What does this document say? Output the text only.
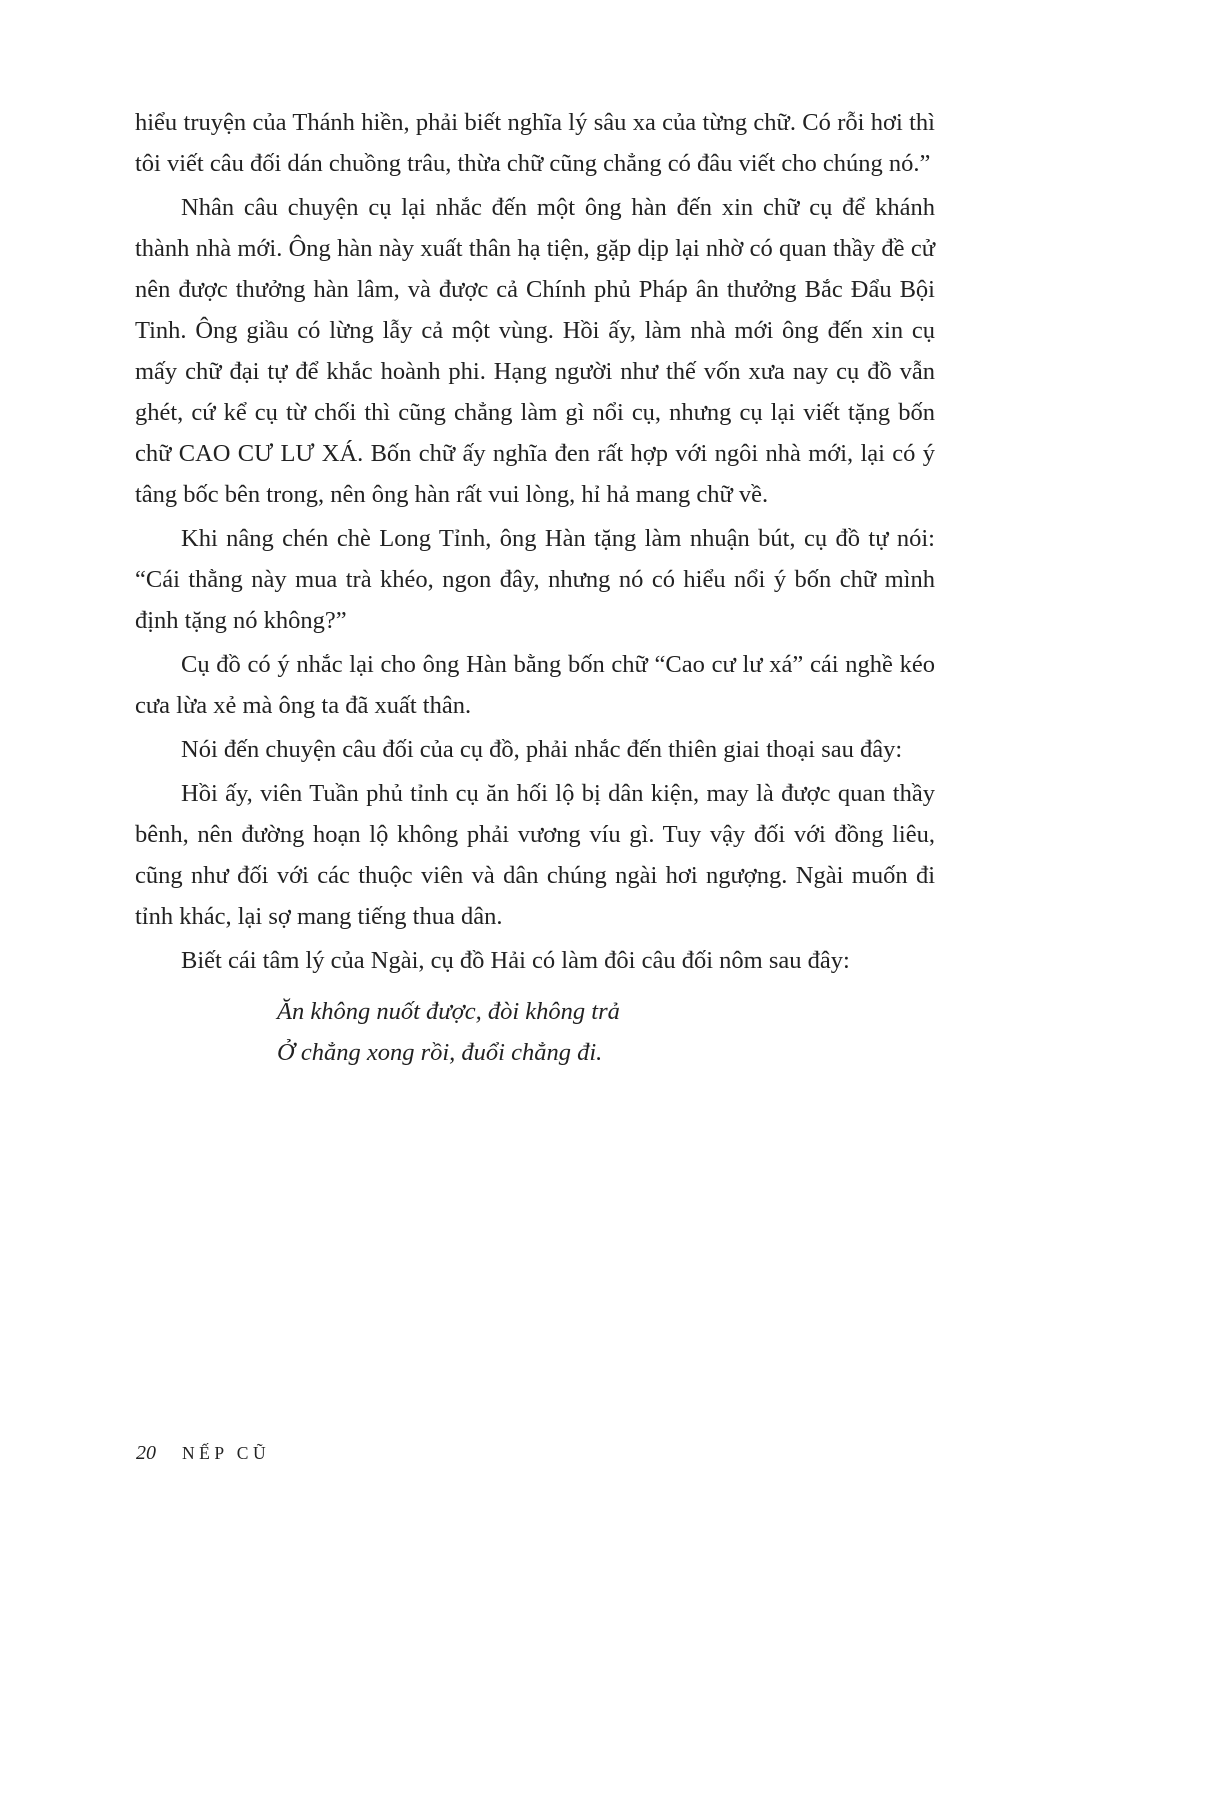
hiểu truyện của Thánh hiền, phải biết nghĩa lý sâu xa của từng chữ. Có rỗi hơi thì tôi viết câu đối dán chuồng trâu, thừa chữ cũng chẳng có đâu viết cho chúng nó.”

Nhân câu chuyện cụ lại nhắc đến một ông hàn đến xin chữ cụ để khánh thành nhà mới. Ông hàn này xuất thân hạ tiện, gặp dịp lại nhờ có quan thầy đề cử nên được thưởng hàn lâm, và được cả Chính phủ Pháp ân thưởng Bắc Đẩu Bội Tinh. Ông giầu có lừng lẫy cả một vùng. Hồi ấy, làm nhà mới ông đến xin cụ mấy chữ đại tự để khắc hoành phi. Hạng người như thế vốn xưa nay cụ đồ vẫn ghét, cứ kể cụ từ chối thì cũng chẳng làm gì nổi cụ, nhưng cụ lại viết tặng bốn chữ CAO CƯ LƯ XÁ. Bốn chữ ấy nghĩa đen rất hợp với ngôi nhà mới, lại có ý tâng bốc bên trong, nên ông hàn rất vui lòng, hỉ hả mang chữ về.

Khi nâng chén chè Long Tỉnh, ông Hàn tặng làm nhuận bút, cụ đồ tự nói: “Cái thằng này mua trà khéo, ngon đây, nhưng nó có hiểu nổi ý bốn chữ mình định tặng nó không?”

Cụ đồ có ý nhắc lại cho ông Hàn bằng bốn chữ “Cao cư lư xá” cái nghề kéo cưa lừa xẻ mà ông ta đã xuất thân.

Nói đến chuyện câu đối của cụ đồ, phải nhắc đến thiên giai thoại sau đây:

Hồi ấy, viên Tuần phủ tỉnh cụ ăn hối lộ bị dân kiện, may là được quan thầy bênh, nên đường hoạn lộ không phải vương víu gì. Tuy vậy đối với đồng liêu, cũng như đối với các thuộc viên và dân chúng ngài hơi ngượng. Ngài muốn đi tỉnh khác, lại sợ mang tiếng thua dân.

Biết cái tâm lý của Ngài, cụ đồ Hải có làm đôi câu đối nôm sau đây:

Ăn không nuốt được, đòi không trả
Ở chẳng xong rồi, đuổi chẳng đi.
20 NẾP CŨ
